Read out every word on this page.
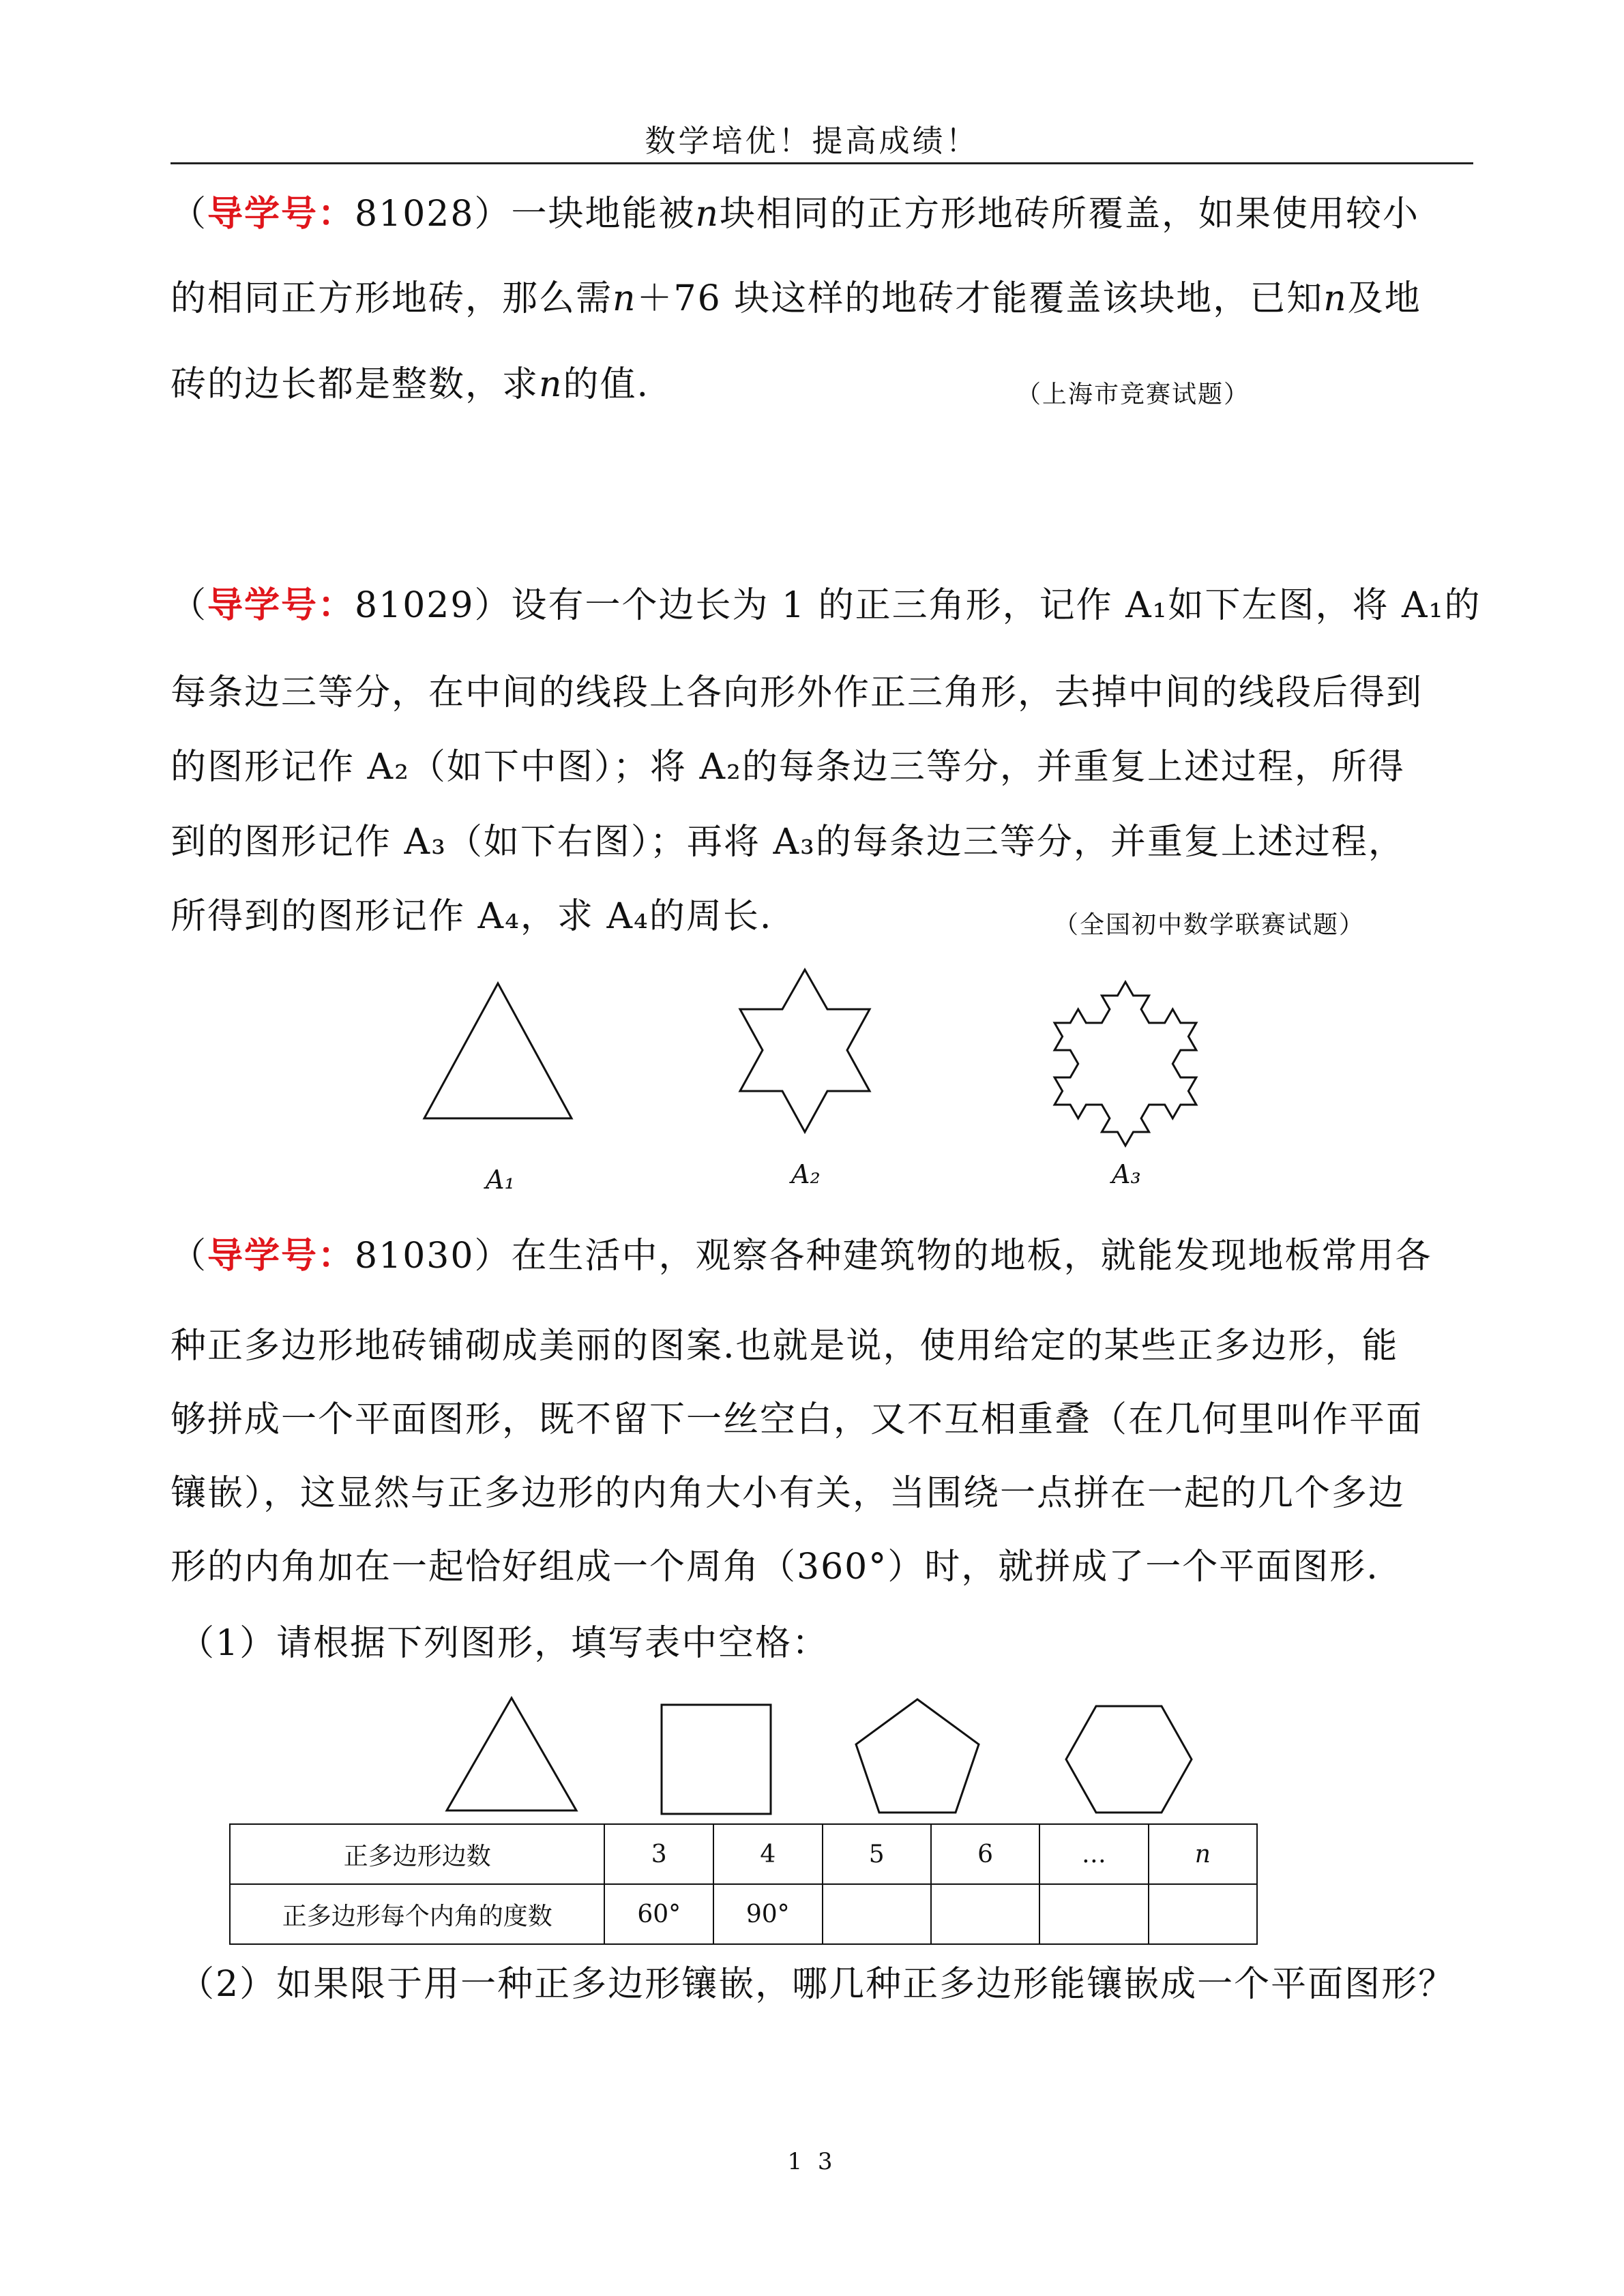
数学培优！提高成绩！
（导学号：81028）一块地能被n块相同的正方形地砖所覆盖，如果使用较小
的相同正方形地砖，那么需n＋76 块这样的地砖才能覆盖该块地，已知n及地
砖的边长都是整数，求n的值.	（上海市竞赛试题）
（导学号：81029）设有一个边长为 1 的正三角形，记作 A₁如下左图，将 A₁的
每条边三等分，在中间的线段上各向形外作正三角形，去掉中间的线段后得到
的图形记作 A₂（如下中图）；将 A₂的每条边三等分，并重复上述过程，所得
到的图形记作 A₃（如下右图）；再将 A₃的每条边三等分，并重复上述过程，
所得到的图形记作 A₄，求 A₄的周长.	（全国初中数学联赛试题）
A₁	A₂	A₃
（导学号：81030）在生活中，观察各种建筑物的地板，就能发现地板常用各
种正多边形地砖铺砌成美丽的图案.也就是说，使用给定的某些正多边形，能
够拼成一个平面图形，既不留下一丝空白，又不互相重叠（在几何里叫作平面
镶嵌），这显然与正多边形的内角大小有关，当围绕一点拼在一起的几个多边
形的内角加在一起恰好组成一个周角（360°）时，就拼成了一个平面图形.
（1）请根据下列图形，填写表中空格：
正多边形边数	3	4	5	6	…	n
正多边形每个内角的度数	60°	90°				
（2）如果限于用一种正多边形镶嵌，哪几种正多边形能镶嵌成一个平面图形？
1 3
